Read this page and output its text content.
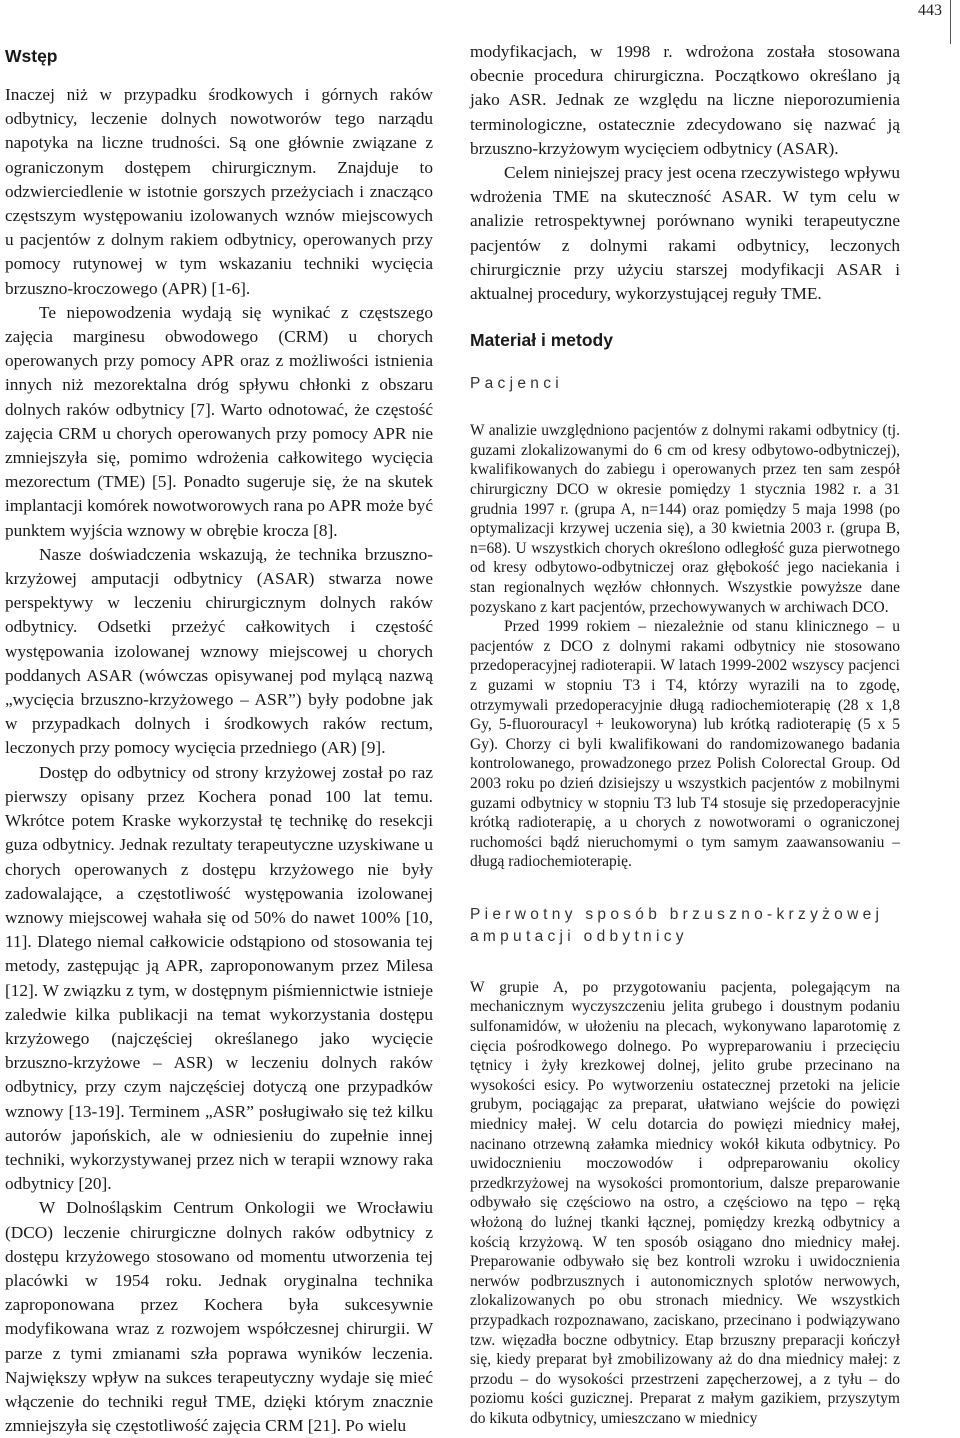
443
Wstęp

Inaczej niż w przypadku środkowych i górnych raków odbytnicy, leczenie dolnych nowotworów tego narządu napotyka na liczne trudności. Są one głównie związane z ograniczonym dostępem chirurgicznym. Znajduje to odzwierciedlenie w istotnie gorszych przeżyciach i znacząco częstszym występowaniu izolowanych wznów miejscowych u pacjentów z dolnym rakiem odbytnicy, operowanych przy pomocy rutynowej w tym wskazaniu techniki wycięcia brzuszno-kroczowego (APR) [1-6].

Te niepowodzenia wydają się wynikać z częstszego zajęcia marginesu obwodowego (CRM) u chorych operowanych przy pomocy APR oraz z możliwości istnienia innych niż mezorektalna dróg spływu chłonki z obszaru dolnych raków odbytnicy [7]. Warto odnotować, że częstość zajęcia CRM u chorych operowanych przy pomocy APR nie zmniejszyła się, pomimo wdrożenia całkowitego wycięcia mezorectum (TME) [5]. Ponadto sugeruje się, że na skutek implantacji komórek nowotworowych rana po APR może być punktem wyjścia wznowy w obrębie krocza [8].

Nasze doświadczenia wskazują, że technika brzuszno-krzyżowej amputacji odbytnicy (ASAR) stwarza nowe perspektywy w leczeniu chirurgicznym dolnych raków odbytnicy. Odsetki przeżyć całkowitych i częstość występowania izolowanej wznowy miejscowej u chorych poddanych ASAR (wówczas opisywanej pod mylącą nazwą „wycięcia brzuszno-krzyżowego – ASR”) były podobne jak w przypadkach dolnych i środkowych raków rectum, leczonych przy pomocy wycięcia przedniego (AR) [9].

Dostęp do odbytnicy od strony krzyżowej został po raz pierwszy opisany przez Kochera ponad 100 lat temu. Wkrótce potem Kraske wykorzystał tę technikę do resekcji guza odbytnicy. Jednak rezultaty terapeutyczne uzyskiwane u chorych operowanych z dostępu krzyżowego nie były zadowalające, a częstotliwość występowania izolowanej wznowy miejscowej wahała się od 50% do nawet 100% [10, 11]. Dlatego niemal całkowicie odstąpiono od stosowania tej metody, zastępując ją APR, zaproponowanym przez Milesa [12]. W związku z tym, w dostępnym piśmiennictwie istnieje zaledwie kilka publikacji na temat wykorzystania dostępu krzyżowego (najczęściej określanego jako wycięcie brzuszno-krzyżowe – ASR) w leczeniu dolnych raków odbytnicy, przy czym najczęściej dotyczą one przypadków wznowy [13-19]. Terminem „ASR” posługiwało się też kilku autorów japońskich, ale w odniesieniu do zupełnie innej techniki, wykorzystywanej przez nich w terapii wznowy raka odbytnicy [20].

W Dolnośląskim Centrum Onkologii we Wrocławiu (DCO) leczenie chirurgiczne dolnych raków odbytnicy z dostępu krzyżowego stosowano od momentu utworzenia tej placówki w 1954 roku. Jednak oryginalna technika zaproponowana przez Kochera była sukcesywnie modyfikowana wraz z rozwojem współczesnej chirurgii. W parze z tymi zmianami szła poprawa wyników leczenia. Największy wpływ na sukces terapeutyczny wydaje się mieć włączenie do techniki reguł TME, dzięki którym znacznie zmniejszyła się częstotliwość zajęcia CRM [21]. Po wielu

modyfikacjach, w 1998 r. wdrożona została stosowana obecnie procedura chirurgiczna. Początkowo określano ją jako ASR. Jednak ze względu na liczne nieporozumienia terminologiczne, ostatecznie zdecydowano się nazwać ją brzuszno-krzyżowym wycięciem odbytnicy (ASAR).

Celem niniejszej pracy jest ocena rzeczywistego wpływu wdrożenia TME na skuteczność ASAR. W tym celu w analizie retrospektywnej porównano wyniki terapeutyczne pacjentów z dolnymi rakami odbytnicy, leczonych chirurgicznie przy użyciu starszej modyfikacji ASAR i aktualnej procedury, wykorzystującej reguły TME.

Materiał i metody
Pacjenci

W analizie uwzględniono pacjentów z dolnymi rakami odbytnicy (tj. guzami zlokalizowanymi do 6 cm od kresy odbytowo-odbytniczej), kwalifikowanych do zabiegu i operowanych przez ten sam zespół chirurgiczny DCO w okresie pomiędzy 1 stycznia 1982 r. a 31 grudnia 1997 r. (grupa A, n=144) oraz pomiędzy 5 maja 1998 (po optymalizacji krzywej uczenia się), a 30 kwietnia 2003 r. (grupa B, n=68). U wszystkich chorych określono odległość guza pierwotnego od kresy odbytowo-odbytniczej oraz głębokość jego naciekania i stan regionalnych węzłów chłonnych. Wszystkie powyższe dane pozyskano z kart pacjentów, przechowywanych w archiwach DCO.

Przed 1999 rokiem – niezależnie od stanu klinicznego – u pacjentów z DCO z dolnymi rakami odbytnicy nie stosowano przedoperacyjnej radioterapii. W latach 1999-2002 wszyscy pacjenci z guzami w stopniu T3 i T4, którzy wyrazili na to zgodę, otrzymywali przedoperacyjnie długą radiochemioterapię (28 x 1,8 Gy, 5-fluorouracyl + leukoworyna) lub krótką radioterapię (5 x 5 Gy). Chorzy ci byli kwalifikowani do randomizowanego badania kontrolowanego, prowadzonego przez Polish Colorectal Group. Od 2003 roku po dzień dzisiejszy u wszystkich pacjentów z mobilnymi guzami odbytnicy w stopniu T3 lub T4 stosuje się przedoperacyjnie krótką radioterapię, a u chorych z nowotworami o ograniczonej ruchomości bądź nieruchomymi o tym samym zaawansowaniu – długą radiochemioterapię.

Pierwotny sposób brzuszno-krzyżowej amputacji odbytnicy

W grupie A, po przygotowaniu pacjenta, polegającym na mechanicznym wyczyszczeniu jelita grubego i doustnym podaniu sulfonamidów, w ułożeniu na plecach, wykonywano laparotomię z cięcia pośrodkowego dolnego. Po wypreparowaniu i przecięciu tętnicy i żyły krezkowej dolnej, jelito grube przecinano na wysokości esicy. Po wytworzeniu ostatecznej przetoki na jelicie grubym, pociągając za preparat, ułatwiano wejście do powięzi miednicy małej. W celu dotarcia do powięzi miednicy małej, nacinano otrzewną załamka miednicy wokół kikuta odbytnicy. Po uwidocznieniu moczowodów i odpreparowaniu okolicy przedkrzyżowej na wysokości promontorium, dalsze preparowanie odbywało się częściowo na ostro, a częściowo na tępo – ręką włożoną do luźnej tkanki łącznej, pomiędzy krezką odbytnicy a kością krzyżową. W ten sposób osiągano dno miednicy małej. Preparowanie odbywało się bez kontroli wzroku i uwidocznienia nerwów podbrzusznych i autonomicznych splotów nerwowych, zlokalizowanych po obu stronach miednicy. We wszystkich przypadkach rozpoznawano, zaciskano, przecinano i podwiązywano tzw. więzadła boczne odbytnicy. Etap brzuszny preparacji kończył się, kiedy preparat był zmobilizowany aż do dna miednicy małej: z przodu – do wysokości przestrzeni zapęcherzowej, a z tyłu – do poziomu kości guzicznej. Preparat z małym gazikiem, przyszytym do kikuta odbytnicy, umieszczano w miednicy
